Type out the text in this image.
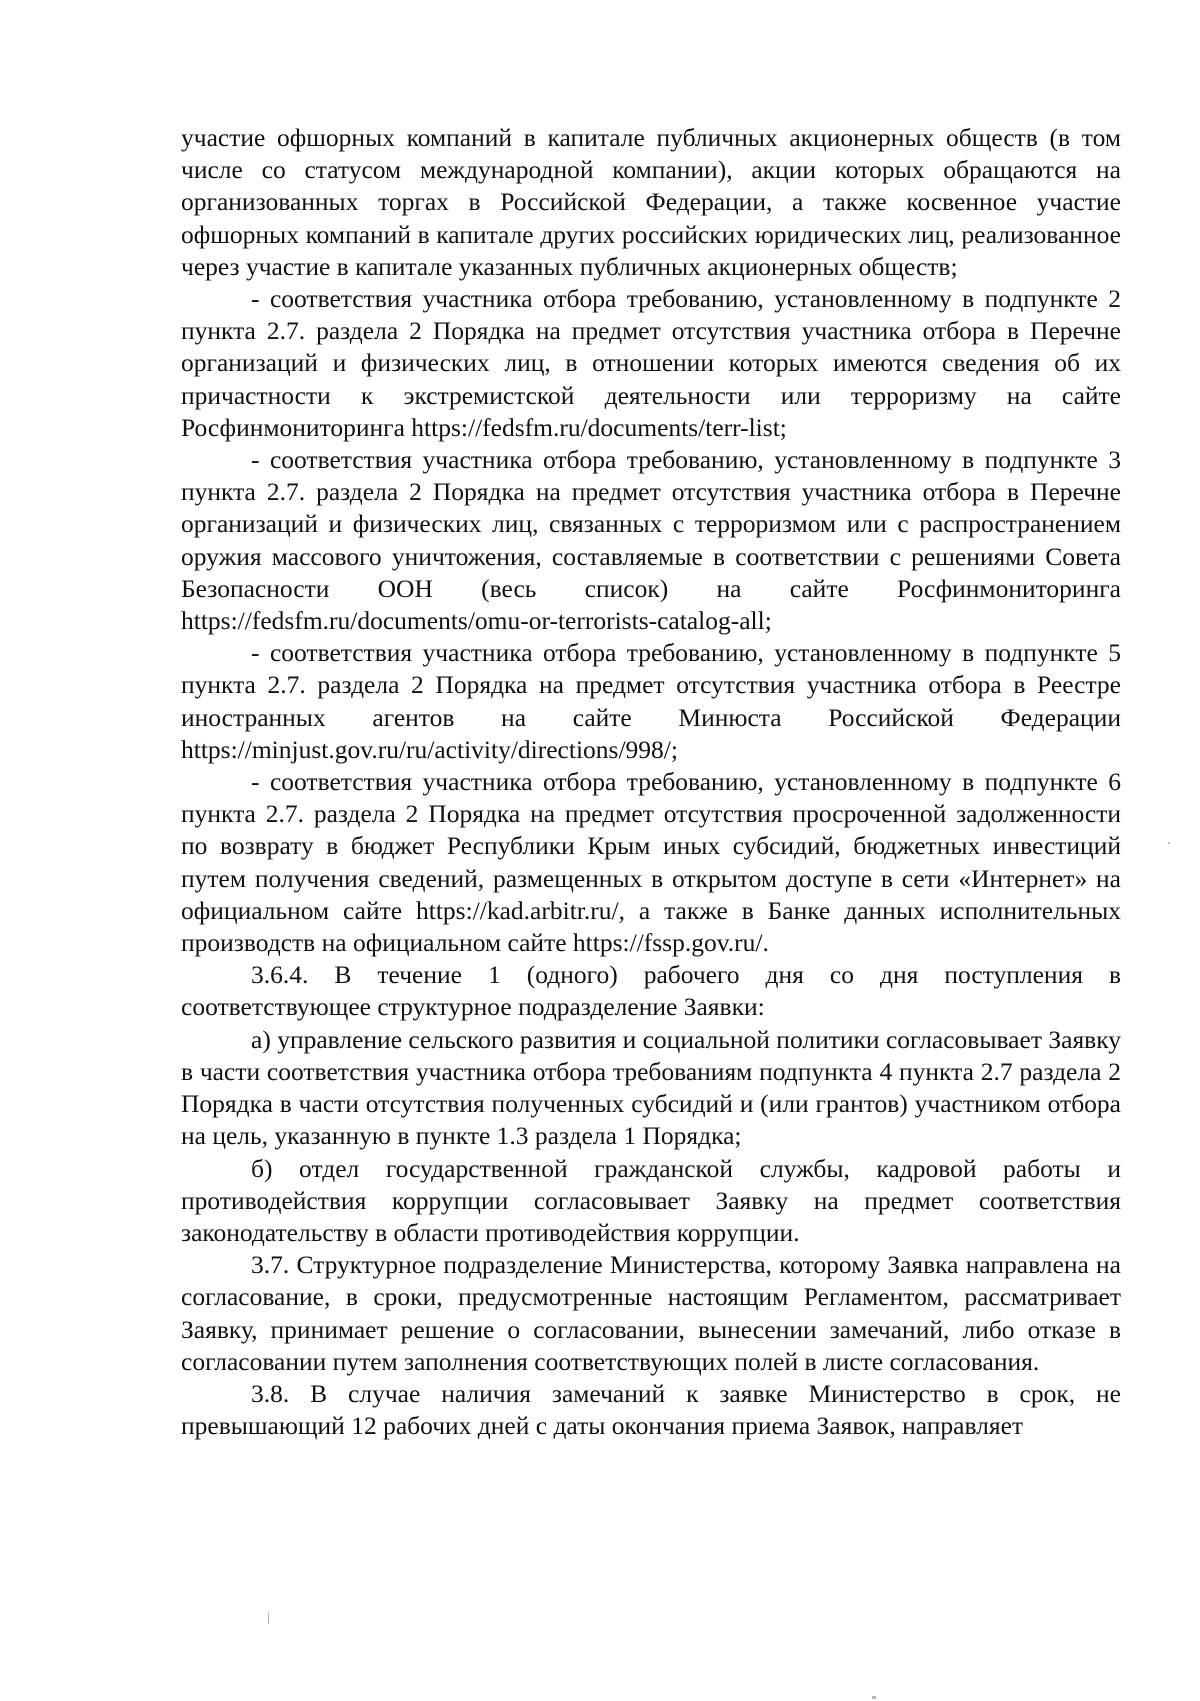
участие офшорных компаний в капитале публичных акционерных обществ (в том числе со статусом международной компании), акции которых обращаются на организованных торгах в Российской Федерации, а также косвенное участие офшорных компаний в капитале других российских юридических лиц, реализованное через участие в капитале указанных публичных акционерных обществ;

- соответствия участника отбора требованию, установленному в подпункте 2 пункта 2.7. раздела 2 Порядка на предмет отсутствия участника отбора в Перечне организаций и физических лиц, в отношении которых имеются сведения об их причастности к экстремистской деятельности или терроризму на сайте Росфинмониторинга https://fedsfm.ru/documents/terr-list;

- соответствия участника отбора требованию, установленному в подпункте 3 пункта 2.7. раздела 2 Порядка на предмет отсутствия участника отбора в Перечне организаций и физических лиц, связанных с терроризмом или с распространением оружия массового уничтожения, составляемые в соответствии с решениями Совета Безопасности ООН (весь список) на сайте Росфинмониторинга https://fedsfm.ru/documents/omu-or-terrorists-catalog-all;

- соответствия участника отбора требованию, установленному в подпункте 5 пункта 2.7. раздела 2 Порядка на предмет отсутствия участника отбора в Реестре иностранных агентов на сайте Минюста Российской Федерации https://minjust.gov.ru/ru/activity/directions/998/;

- соответствия участника отбора требованию, установленному в подпункте 6 пункта 2.7. раздела 2 Порядка на предмет отсутствия просроченной задолженности по возврату в бюджет Республики Крым иных субсидий, бюджетных инвестиций путем получения сведений, размещенных в открытом доступе в сети «Интернет» на официальном сайте https://kad.arbitr.ru/, а также в Банке данных исполнительных производств на официальном сайте https://fssp.gov.ru/.

3.6.4. В течение 1 (одного) рабочего дня со дня поступления в соответствующее структурное подразделение Заявки:

а) управление сельского развития и социальной политики согласовывает Заявку в части соответствия участника отбора требованиям подпункта 4 пункта 2.7 раздела 2 Порядка в части отсутствия полученных субсидий и (или грантов) участником отбора на цель, указанную в пункте 1.3 раздела 1 Порядка;

б) отдел государственной гражданской службы, кадровой работы и противодействия коррупции согласовывает Заявку на предмет соответствия законодательству в области противодействия коррупции.

3.7. Структурное подразделение Министерства, которому Заявка направлена на согласование, в сроки, предусмотренные настоящим Регламентом, рассматривает Заявку, принимает решение о согласовании, вынесении замечаний, либо отказе в согласовании путем заполнения соответствующих полей в листе согласования.

3.8. В случае наличия замечаний к заявке Министерство в срок, не превышающий 12 рабочих дней с даты окончания приема Заявок, направляет
